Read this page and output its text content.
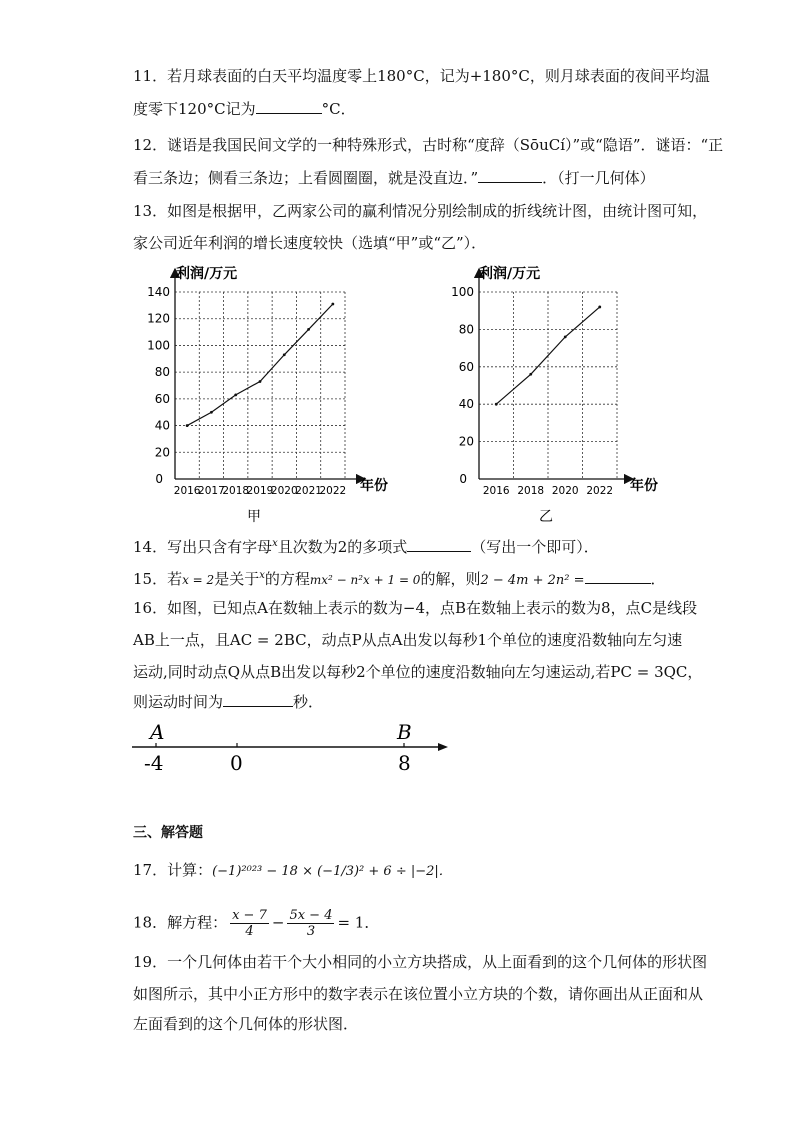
11．若月球表面的白天平均温度零上180°C，记为+180°C，则月球表面的夜间平均温
度零下120°C记为	°C．
12．谜语是我国民间文学的一种特殊形式，古时称“度辞（SōuCí）”或“隐语”．谜语：“正
看三条边；侧看三条边；上看圆圈圈，就是没直边．”	．（打一几何体）
13．如图是根据甲，乙两家公司的赢利情况分别绘制成的折线统计图，由统计图可知，
家公司近年利润的增长速度较快（选填“甲”或“乙”）．
0
20
40
60
80
100
120
140
2016
2017
2018
2019
2020
2021
2022
利润/万元
年份
甲
0
20
40
60
80
100
2016 2018 2020 2022
利润/万元
年份
乙
14．写出只含有字母$^x$且次数为2的多项式	（写出一个即可）．
15．若x = 2是关于$^x$的方程mx² − n²x + 1 = 0的解，则2 − 4m + 2n² =	．
16．如图，已知点A在数轴上表示的数为−4，点B在数轴上表示的数为8，点C是线段
AB上一点，且AC = 2BC，动点P从点A出发以每秒1个单位的速度沿数轴向左匀速
运动,同时动点Q从点B出发以每秒2个单位的速度沿数轴向左匀速运动,若PC = 3QC，
则运动时间为	秒．
A	B
-4	0	8
三、解答题
17．计算：(−1)²⁰²³ − 18 × (−1/3)² + 6 ÷ |−2|．
18．解方程： $\frac{x - 7}{4} - \frac{5x - 4}{3} = 1$．
19．一个几何体由若干个大小相同的小立方块搭成，从上面看到的这个几何体的形状图
如图所示，其中小正方形中的数字表示在该位置小立方块的个数，请你画出从正面和从
左面看到的这个几何体的形状图．
